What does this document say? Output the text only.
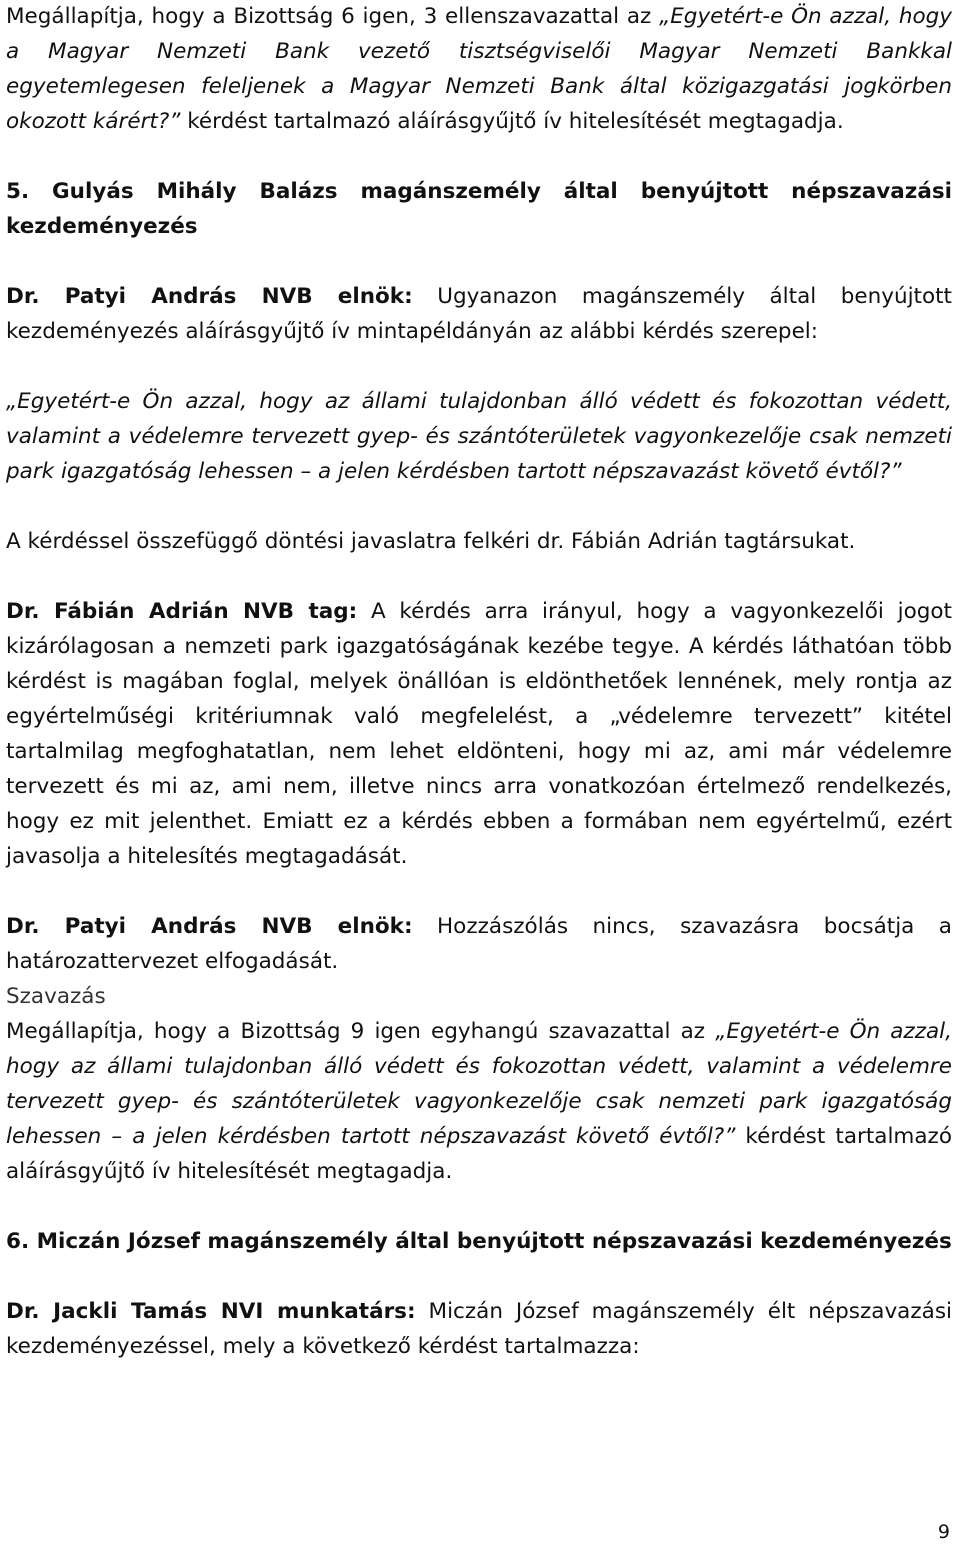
Megállapítja, hogy a Bizottság 6 igen, 3 ellenszavazattal az „Egyetért-e Ön azzal, hogy a Magyar Nemzeti Bank vezető tisztségviselői Magyar Nemzeti Bankkal egyetemlegesen feleljenek a Magyar Nemzeti Bank által közigazgatási jogkörben okozott kárért?” kérdést tartalmazó aláírásgyűjtő ív hitelesítését megtagadja.

5. Gulyás Mihály Balázs magánszemély által benyújtott népszavazási kezdeményezés

Dr. Patyi András NVB elnök: Ugyanazon magánszemély által benyújtott kezdeményezés aláírásgyűjtő ív mintapéldányán az alábbi kérdés szerepel:

„Egyetért-e Ön azzal, hogy az állami tulajdonban álló védett és fokozottan védett, valamint a védelemre tervezett gyep- és szántóterületek vagyonkezelője csak nemzeti park igazgatóság lehessen – a jelen kérdésben tartott népszavazást követő évtől?”

A kérdéssel összefüggő döntési javaslatra felkéri dr. Fábián Adrián tagtársukat.

Dr. Fábián Adrián NVB tag: A kérdés arra irányul, hogy a vagyonkezelői jogot kizárólagosan a nemzeti park igazgatóságának kezébe tegye. A kérdés láthatóan több kérdést is magában foglal, melyek önállóan is eldönthetőek lennének, mely rontja az egyértelműségi kritériumnak való megfelelést, a „védelemre tervezett” kitétel tartalmilag megfoghatatlan, nem lehet eldönteni, hogy mi az, ami már védelemre tervezett és mi az, ami nem, illetve nincs arra vonatkozóan értelmező rendelkezés, hogy ez mit jelenthet. Emiatt ez a kérdés ebben a formában nem egyértelmű, ezért javasolja a hitelesítés megtagadását.

Dr. Patyi András NVB elnök: Hozzászólás nincs, szavazásra bocsátja a határozattervezet elfogadását.

Szavazás

Megállapítja, hogy a Bizottság 9 igen egyhangú szavazattal az „Egyetért-e Ön azzal, hogy az állami tulajdonban álló védett és fokozottan védett, valamint a védelemre tervezett gyep- és szántóterületek vagyonkezelője csak nemzeti park igazgatóság lehessen – a jelen kérdésben tartott népszavazást követő évtől?” kérdést tartalmazó aláírásgyűjtő ív hitelesítését megtagadja.

6. Miczán József magánszemély által benyújtott népszavazási kezdeményezés

Dr. Jackli Tamás NVI munkatárs: Miczán József magánszemély élt népszavazási kezdeményezéssel, mely a következő kérdést tartalmazza:

9
